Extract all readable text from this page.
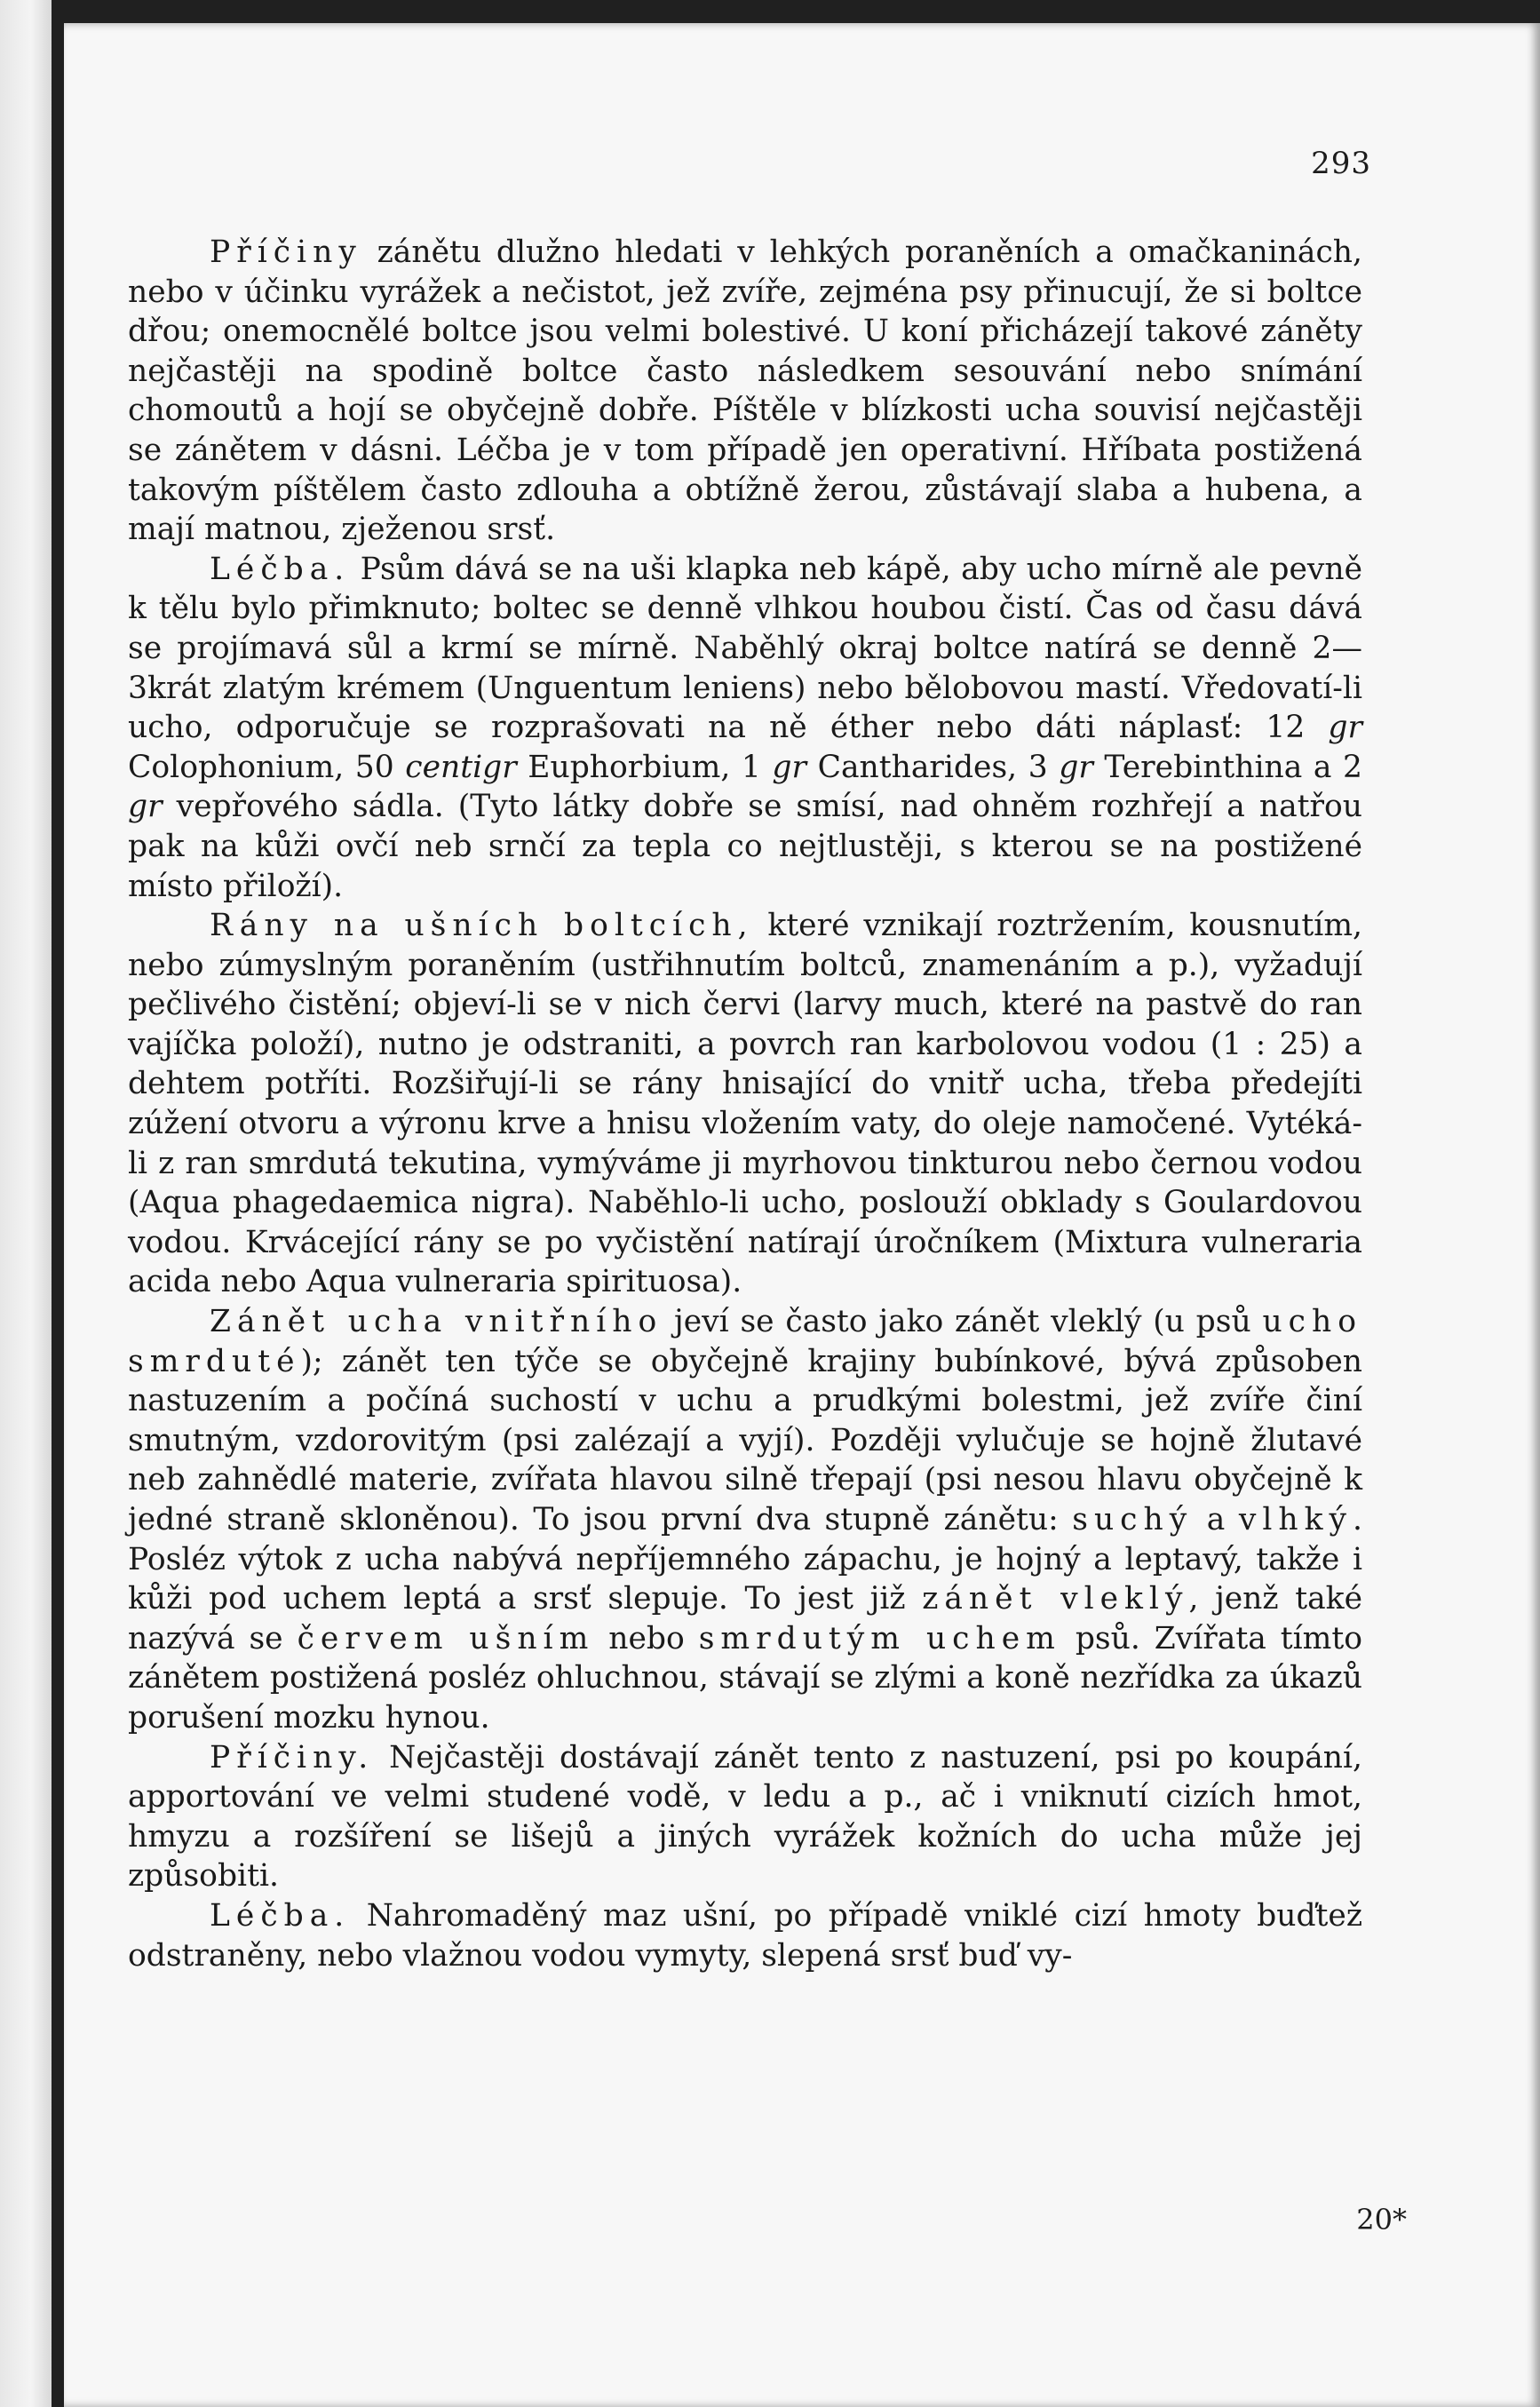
293

Příčiny zánětu dlužno hledati v lehkých poraněních a omačkaninách, nebo v účinku vyrážek a nečistot, jež zvíře, zejména psy přinucují, že si boltce dřou; onemocnělé boltce jsou velmi bolestivé. U koní přicházejí takové záněty nejčastěji na spodině boltce často následkem sesouvání nebo snímání chomoutů a hojí se obyčejně dobře. Píštěle v blízkosti ucha souvisí nejčastěji se zánětem v dásni. Léčba je v tom případě jen operativní. Hříbata postižená takovým píštělem často zdlouha a obtížně žerou, zůstávají slaba a hubena, a mají matnou, zježenou srsť.

Léčba. Psům dává se na uši klapka neb kápě, aby ucho mírně ale pevně k tělu bylo přimknuto; boltec se denně vlhkou houbou čistí. Čas od času dává se projímavá sůl a krmí se mírně. Naběhlý okraj boltce natírá se denně 2—3krát zlatým krémem (Unguentum leniens) nebo bělobovou mastí. Vředovatí-li ucho, odporučuje se rozprašovati na ně éther nebo dáti náplasť: 12 gr Colophonium, 50 centigr Euphorbium, 1 gr Cantharides, 3 gr Terebinthina a 2 gr vepřového sádla. (Tyto látky dobře se smísí, nad ohněm rozhřejí a natřou pak na kůži ovčí neb srnčí za tepla co nejtlustěji, s kterou se na postižené místo přiloží).

Rány na ušních boltcích, které vznikají roztržením, kousnutím, nebo zúmyslným poraněním (ustřihnutím boltců, znamenáním a p.), vyžadují pečlivého čistění; objeví-li se v nich červi (larvy much, které na pastvě do ran vajíčka položí), nutno je odstraniti, a povrch ran karbolovou vodou (1 : 25) a dehtem potříti. Rozšiřují-li se rány hnisající do vnitř ucha, třeba předejíti zúžení otvoru a výronu krve a hnisu vložením vaty, do oleje namočené. Vytéká-li z ran smrdutá tekutina, vymýváme ji myrhovou tinkturou nebo černou vodou (Aqua phagedaemica nigra). Naběhlo-li ucho, poslouží obklady s Goulardovou vodou. Krvácející rány se po vyčistění natírají úročníkem (Mixtura vulneraria acida nebo Aqua vulneraria spirituosa).

Zánět ucha vnitřního jeví se často jako zánět vleklý (u psů ucho smrduté); zánět ten týče se obyčejně krajiny bubínkové, bývá způsoben nastuzením a počíná suchostí v uchu a prudkými bolestmi, jež zvíře činí smutným, vzdorovitým (psi zalézají a vyjí). Později vylučuje se hojně žlutavé neb zahnědlé materie, zvířata hlavou silně třepají (psi nesou hlavu obyčejně k jedné straně skloněnou). To jsou první dva stupně zánětu: suchý a vlhký. Posléz výtok z ucha nabývá nepříjemného zápachu, je hojný a leptavý, takže i kůži pod uchem leptá a srsť slepuje. To jest již zánět vleklý, jenž také nazývá se červem ušním nebo smrdutým uchem psů. Zvířata tímto zánětem postižená posléz ohluchnou, stávají se zlými a koně nezřídka za úkazů porušení mozku hynou.

Příčiny. Nejčastěji dostávají zánět tento z nastuzení, psi po koupání, apportování ve velmi studené vodě, v ledu a p., ač i vniknutí cizích hmot, hmyzu a rozšíření se lišejů a jiných vyrážek kožních do ucha může jej způsobiti.

Léčba. Nahromaděný maz ušní, po případě vniklé cizí hmoty buďtež odstraněny, nebo vlažnou vodou vymyty, slepená srsť buď vy-

20*
